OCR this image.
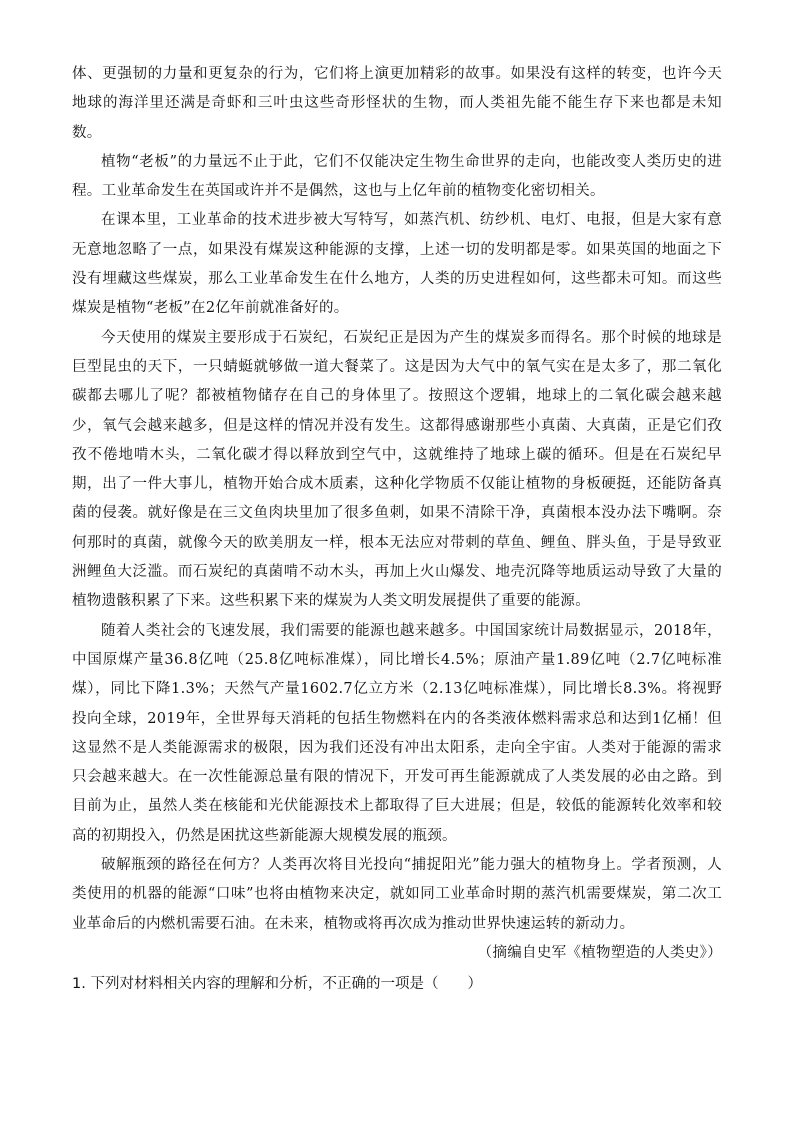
体、更强韧的力量和更复杂的行为，它们将上演更加精彩的故事。如果没有这样的转变，也许今天地球的海洋里还满是奇虾和三叶虫这些奇形怪状的生物，而人类祖先能不能生存下来也都是未知数。

植物“老板”的力量远不止于此，它们不仅能决定生物生命世界的走向，也能改变人类历史的进程。工业革命发生在英国或许并不是偶然，这也与上亿年前的植物变化密切相关。

在课本里，工业革命的技术进步被大写特写，如蒸汽机、纺纱机、电灯、电报，但是大家有意无意地忽略了一点，如果没有煤炭这种能源的支撑，上述一切的发明都是零。如果英国的地面之下没有埋藏这些煤炭，那么工业革命发生在什么地方，人类的历史进程如何，这些都未可知。而这些煤炭是植物“老板”在2亿年前就准备好的。

今天使用的煤炭主要形成于石炭纪，石炭纪正是因为产生的煤炭多而得名。那个时候的地球是巨型昆虫的天下，一只蜻蜓就够做一道大餐菜了。这是因为大气中的氧气实在是太多了，那二氧化碳都去哪儿了呢？都被植物储存在自己的身体里了。按照这个逻辑，地球上的二氧化碳会越来越少，氧气会越来越多，但是这样的情况并没有发生。这都得感谢那些小真菌、大真菌，正是它们孜孜不倦地啃木头，二氧化碳才得以释放到空气中，这就维持了地球上碳的循环。但是在石炭纪早期，出了一件大事儿，植物开始合成木质素，这种化学物质不仅能让植物的身板硬挺，还能防备真菌的侵袭。就好像是在三文鱼肉块里加了很多鱼刺，如果不清除干净，真菌根本没办法下嘴啊。奈何那时的真菌，就像今天的欧美朋友一样，根本无法应对带刺的草鱼、鲤鱼、胖头鱼，于是导致亚洲鲤鱼大泛滥。而石炭纪的真菌啃不动木头，再加上火山爆发、地壳沉降等地质运动导致了大量的植物遗骸积累了下来。这些积累下来的煤炭为人类文明发展提供了重要的能源。

随着人类社会的飞速发展，我们需要的能源也越来越多。中国国家统计局数据显示，2018年，中国原煤产量36.8亿吨（25.8亿吨标准煤），同比增长4.5%；原油产量1.89亿吨（2.7亿吨标准煤），同比下降1.3%；天然气产量1602.7亿立方米（2.13亿吨标准煤），同比增长8.3%。将视野投向全球，2019年，全世界每天消耗的包括生物燃料在内的各类液体燃料需求总和达到1亿桶！但这显然不是人类能源需求的极限，因为我们还没有冲出太阳系，走向全宇宙。人类对于能源的需求只会越来越大。在一次性能源总量有限的情况下，开发可再生能源就成了人类发展的必由之路。到目前为止，虽然人类在核能和光伏能源技术上都取得了巨大进展；但是，较低的能源转化效率和较高的初期投入，仍然是困扰这些新能源大规模发展的瓶颈。

破解瓶颈的路径在何方？人类再次将目光投向“捕捉阳光”能力强大的植物身上。学者预测，人类使用的机器的能源“口味”也将由植物来决定，就如同工业革命时期的蒸汽机需要煤炭，第二次工业革命后的内燃机需要石油。在未来，植物或将再次成为推动世界快速运转的新动力。

（摘编自史军《植物塑造的人类史》）

1. 下列对材料相关内容的理解和分析，不正确的一项是（　　）
